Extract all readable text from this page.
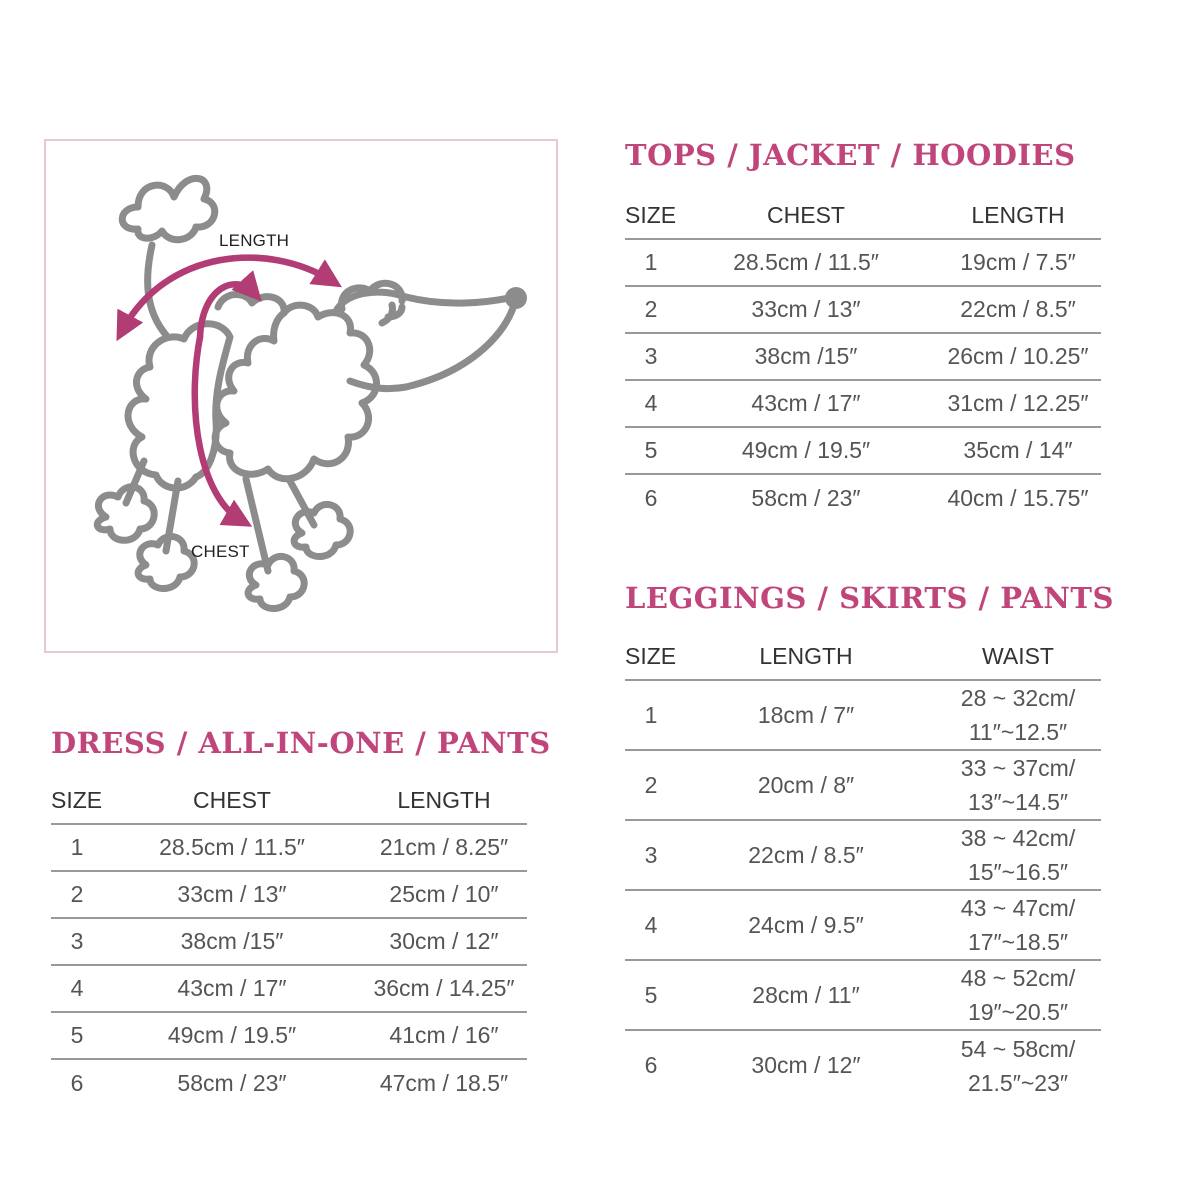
LENGTH
CHEST
TOPS / JACKET / HOODIES
SIZE	CHEST	LENGTH
1	28.5cm / 11.5″	19cm / 7.5″
2	33cm / 13″	22cm / 8.5″
3	38cm /15″	26cm / 10.25″
4	43cm / 17″	31cm / 12.25″
5	49cm / 19.5″	35cm / 14″
6	58cm / 23″	40cm / 15.75″
LEGGINGS / SKIRTS / PANTS
SIZE	LENGTH	WAIST
1	18cm / 7″	28 ~ 32cm/
11″~12.5″

2	20cm / 8″	33 ~ 37cm/
13″~14.5″

3	22cm / 8.5″	38 ~ 42cm/
15″~16.5″

4	24cm / 9.5″	43 ~ 47cm/
17″~18.5″

5	28cm / 11″	48 ~ 52cm/
19″~20.5″

6	30cm / 12″	54 ~ 58cm/
21.5″~23″
DRESS / ALL-IN-ONE / PANTS
SIZE	CHEST	LENGTH
1	28.5cm / 11.5″	21cm / 8.25″
2	33cm / 13″	25cm / 10″
3	38cm /15″	30cm / 12″
4	43cm / 17″	36cm / 14.25″
5	49cm / 19.5″	41cm / 16″
6	58cm / 23″	47cm / 18.5″
